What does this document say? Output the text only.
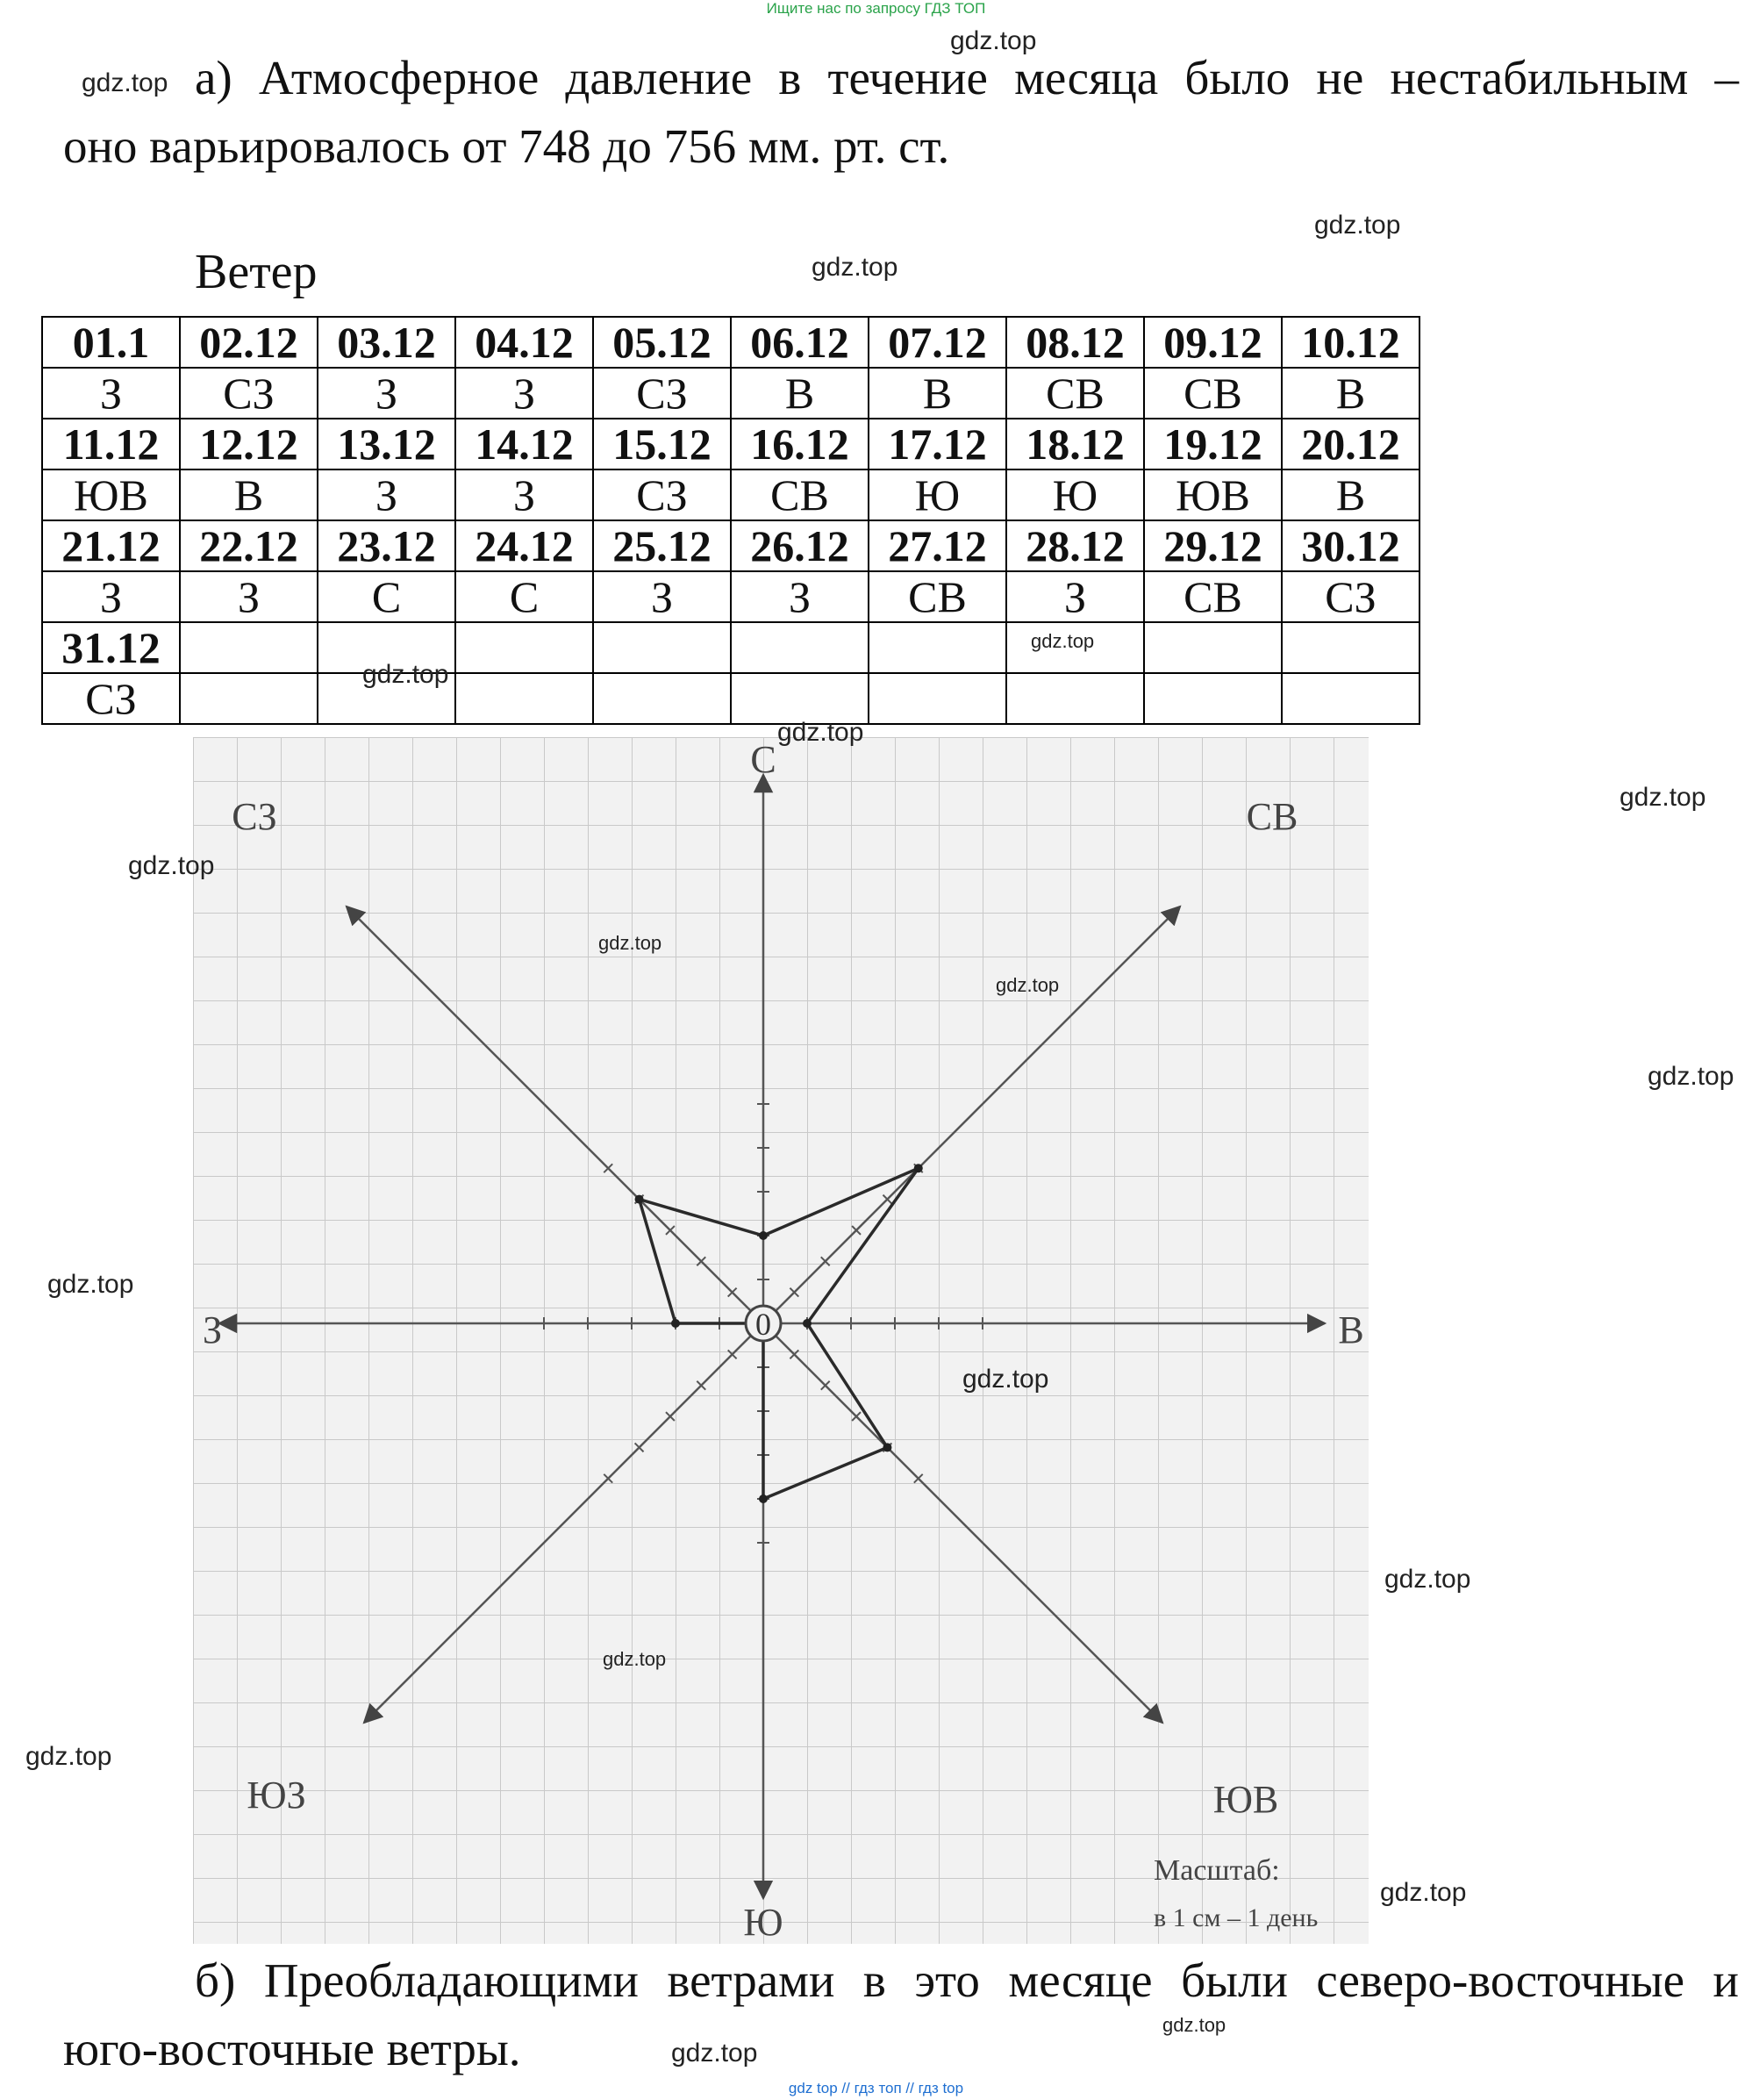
Ищите нас по запросу ГДЗ ТОП
а) Атмосферное давление в течение месяца было не нестабильным –
оно варьировалось от 748 до 756 мм. рт. ст.
Ветер
01.1	02.12	03.12	04.12	05.12	06.12	07.12	08.12	09.12	10.12
З	СЗ	З	З	СЗ	В	В	СВ	СВ	В
11.12	12.12	13.12	14.12	15.12	16.12	17.12	18.12	19.12	20.12
ЮВ	В	З	З	СЗ	СВ	Ю	Ю	ЮВ	В
21.12	22.12	23.12	24.12	25.12	26.12	27.12	28.12	29.12	30.12
З	З	С	С	З	З	СВ	З	СВ	СЗ
31.12									
СЗ									
С
СВ
В
ЮВ
Ю
ЮЗ
З
СЗ
0
Масштаб:
в 1 см – 1 день
б) Преобладающими ветрами в это месяце были северо-восточные и
юго-восточные ветры.
gdz.top
gdz.top
gdz.top
gdz.top
gdz.top
gdz.top
gdz.top
gdz.top
gdz.top
gdz.top
gdz.top
gdz.top
gdz.top
gdz.top
gdz.top
gdz.top
gdz.top
gdz.top
gdz.top
gdz.top
gdz top // гдз топ // гдз top
